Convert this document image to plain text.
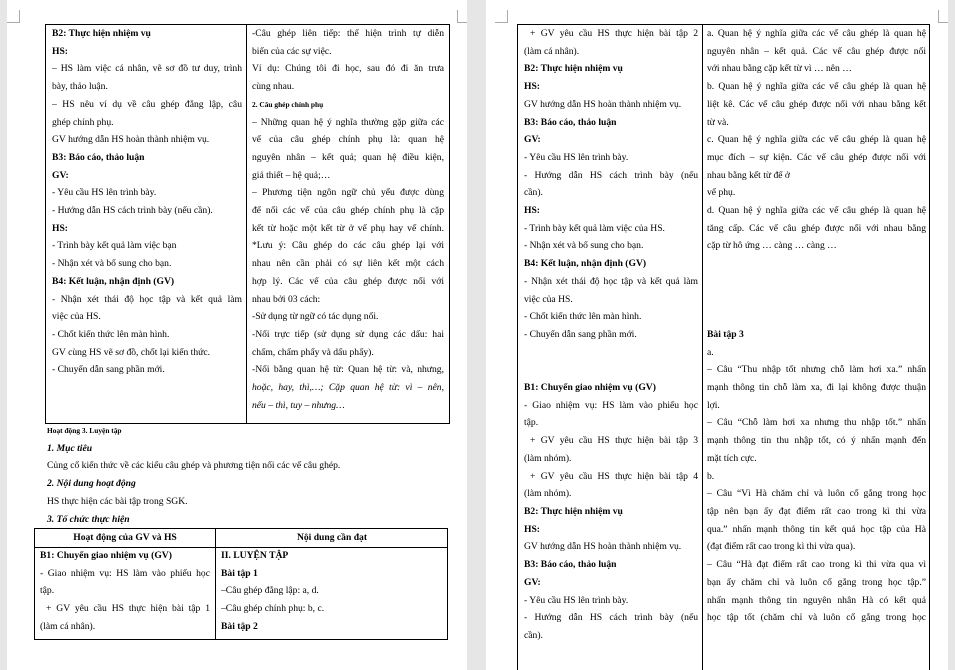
B2: Thực hiện nhiệm vụ
HS:
– HS làm việc cá nhân, vẽ sơ đồ tư duy, trình
bày, thảo luận.
– HS nêu ví dụ về câu ghép đẳng lập, câu
ghép chính phụ.
GV hướng dẫn HS hoàn thành nhiệm vụ.
B3: Báo cáo, thảo luận
GV:
- Yêu cầu HS lên trình bày.
- Hướng dẫn HS cách trình bày (nếu cần).
HS:
- Trình bày kết quả làm việc bạn
- Nhận xét và bổ sung cho bạn.
B4: Kết luận, nhận định (GV)
- Nhận xét thái độ học tập và kết quả làm
việc của HS.
- Chốt kiến thức lên màn hình.
GV cùng HS vẽ sơ đồ, chốt lại kiến thức.
- Chuyển dẫn sang phần mới.
-Câu ghép liên tiếp: thể hiện trình tự diễn
biến của các sự việc.
Ví dụ: Chúng tôi đi học, sau đó đi ăn trưa
cùng nhau.
2. Câu ghép chính phụ
– Những quan hệ ý nghĩa thường gặp giữa các
vế của câu ghép chính phụ là: quan hệ
nguyên nhân – kết quả; quan hệ điều kiện,
giả thiết – hệ quả;…
– Phương tiện ngôn ngữ chủ yếu được dùng
để nối các vế của câu ghép chính phụ là cặp
kết từ hoặc một kết từ ở vế phụ hay vế chính.
*Lưu ý: Câu ghép do các câu ghép lại với
nhau nên cần phải có sự liên kết một cách
hợp lý. Các vế của câu ghép được nối với
nhau bởi 03 cách:
-Sử dụng từ ngữ có tác dụng nối.
-Nối trực tiếp (sử dụng sử dụng các dấu: hai
chấm, chấm phẩy và dấu phẩy).
-Nối bằng quan hệ từ: Quan hệ từ: và, nhưng,
hoặc, hay, thì,…; Cặp quan hệ từ: vì – nên,
nếu – thì, tuy – nhưng…
Hoạt động 3. Luyện tập
1. Mục tiêu
Củng cố kiến thức về các kiểu câu ghép và phương tiện nối các vế câu ghép.
2. Nội dung hoạt động
HS thực hiện các bài tập trong SGK.
3. Tổ chức thực hiện
Hoạt động của GV và HS	Nội dung cần đạt
B1: Chuyển giao nhiệm vụ (GV)
- Giao nhiệm vụ: HS làm vào phiếu học
tập.
+ GV yêu cầu HS thực hiện bài tập 1
(làm cá nhân).
II. LUYỆN TẬP
Bài tập 1
–Câu ghép đẳng lập: a, d.
–Câu ghép chính phụ: b, c.
Bài tập 2
+ GV yêu cầu HS thực hiện bài tập 2
(làm cá nhân).
B2: Thực hiện nhiệm vụ
HS:
GV hướng dẫn HS hoàn thành nhiệm vụ.
B3: Báo cáo, thảo luận
GV:
- Yêu cầu HS lên trình bày.
- Hướng dẫn HS cách trình bày (nếu
cần).
HS:
- Trình bày kết quả làm việc của HS.
- Nhận xét và bổ sung cho bạn.
B4: Kết luận, nhận định (GV)
- Nhận xét thái độ học tập và kết quả làm
việc của HS.
- Chốt kiến thức lên màn hình.
- Chuyển dẫn sang phần mới.

B1: Chuyển giao nhiệm vụ (GV)
- Giao nhiệm vụ: HS làm vào phiếu học
tập.
+ GV yêu cầu HS thực hiện bài tập 3
(làm nhóm).
+ GV yêu cầu HS thực hiện bài tập 4
(làm nhóm).
B2: Thực hiện nhiệm vụ
HS:
GV hướng dẫn HS hoàn thành nhiệm vụ.
B3: Báo cáo, thảo luận
GV:
- Yêu cầu HS lên trình bày.
- Hướng dẫn HS cách trình bày (nếu
cần).
a. Quan hệ ý nghĩa giữa các vế câu ghép là quan hệ
nguyên nhân – kết quả. Các vế câu ghép được nối
với nhau bằng cặp kết từ vì … nên …
b. Quan hệ ý nghĩa giữa các vế câu ghép là quan hệ
liệt kê. Các vế câu ghép được nối với nhau bằng kết
từ và.
c. Quan hệ ý nghĩa giữa các vế câu ghép là quan hệ
mục đích – sự kiện. Các vế câu ghép được nối với
nhau bằng kết từ để ở
vế phụ.
d. Quan hệ ý nghĩa giữa các vế câu ghép là quan hệ
tăng cấp. Các vế câu ghép được nối với nhau bằng
cặp từ hô ứng … càng … càng …

Bài tập 3
a.
– Câu “Thu nhập tốt nhưng chỗ làm hơi xa.” nhấn
mạnh thông tin chỗ làm xa, đi lại không được thuận
lợi.
– Câu “Chỗ làm hơi xa nhưng thu nhập tốt.” nhấn
mạnh thông tin thu nhập tốt, có ý nhấn mạnh đến
mặt tích cực.
b.
– Câu “Vì Hà chăm chỉ và luôn cố gắng trong học
tập nên bạn ấy đạt điểm rất cao trong kì thi vừa
qua.” nhấn mạnh thông tin kết quả học tập của Hà
(đạt điểm rất cao trong kì thi vừa qua).
– Câu “Hà đạt điểm rất cao trong kì thi vừa qua vì
bạn ấy chăm chỉ và luôn cố gắng trong học tập.”
nhấn mạnh thông tin nguyên nhân Hà có kết quả
học tập tốt (chăm chỉ và luôn cố gắng trong học
